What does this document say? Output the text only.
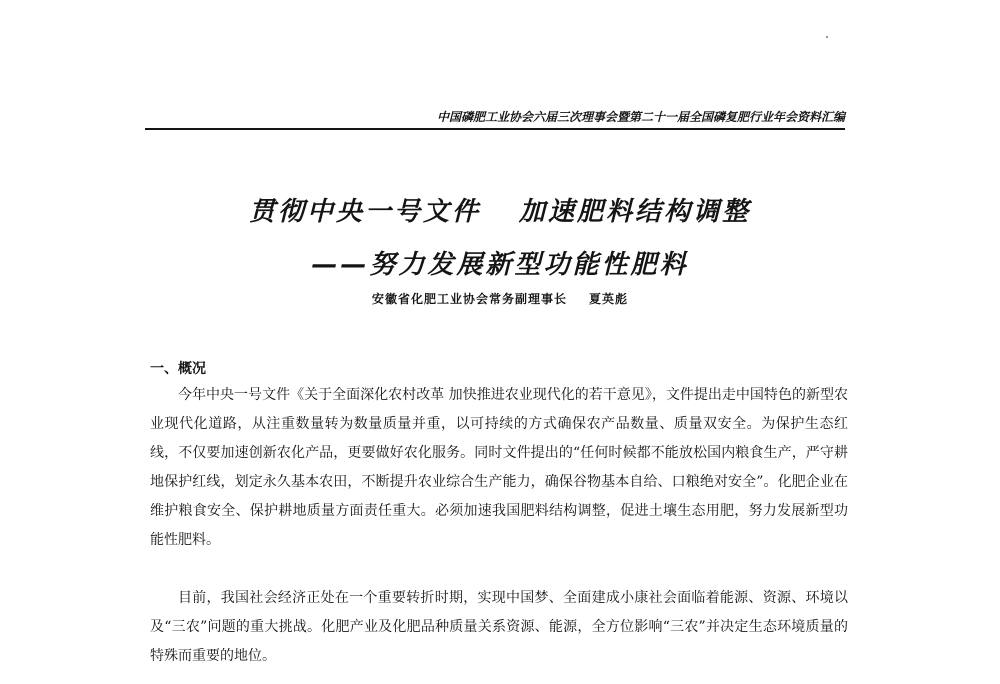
中国磷肥工业协会六届三次理事会暨第二十一届全国磷复肥行业年会资料汇编
贯彻中央一号文件 加速肥料结构调整
——努力发展新型功能性肥料
安徽省化肥工业协会常务副理事长 夏英彪
一、概况

今年中央一号文件《关于全面深化农村改革 加快推进农业现代化的若干意见》，文件提出走中国特色的新型农业现代化道路，从注重数量转为数量质量并重，以可持续的方式确保农产品数量、质量双安全。为保护生态红线，不仅要加速创新农化产品，更要做好农化服务。同时文件提出的“任何时候都不能放松国内粮食生产，严守耕地保护红线，划定永久基本农田，不断提升农业综合生产能力，确保谷物基本自给、口粮绝对安全”。化肥企业在维护粮食安全、保护耕地质量方面责任重大。必须加速我国肥料结构调整，促进土壤生态用肥，努力发展新型功能性肥料。

目前，我国社会经济正处在一个重要转折时期，实现中国梦、全面建成小康社会面临着能源、资源、环境以及“三农”问题的重大挑战。化肥产业及化肥品种质量关系资源、能源，全方位影响“三农”并决定生态环境质量的特殊而重要的地位。
